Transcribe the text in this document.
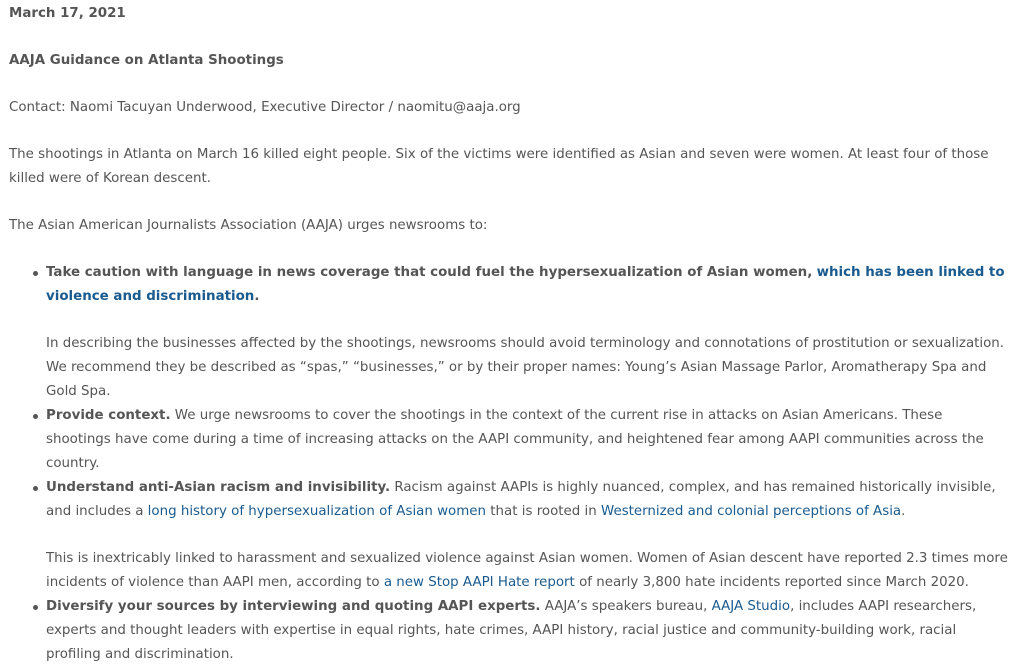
March 17, 2021

AAJA Guidance on Atlanta Shootings

Contact: Naomi Tacuyan Underwood, Executive Director / naomitu@aaja.org

The shootings in Atlanta on March 16 killed eight people. Six of the victims were identified as Asian and seven were women. At least four of those killed were of Korean descent.

The Asian American Journalists Association (AAJA) urges newsrooms to:

Take caution with language in news coverage that could fuel the hypersexualization of Asian women, which has been linked to violence and discrimination.

In describing the businesses affected by the shootings, newsrooms should avoid terminology and connotations of prostitution or sexualization. We recommend they be described as “spas,” “businesses,” or by their proper names: Young’s Asian Massage Parlor, Aromatherapy Spa and Gold Spa.

Provide context. We urge newsrooms to cover the shootings in the context of the current rise in attacks on Asian Americans. These shootings have come during a time of increasing attacks on the AAPI community, and heightened fear among AAPI communities across the country.

Understand anti-Asian racism and invisibility. Racism against AAPIs is highly nuanced, complex, and has remained historically invisible, and includes a long history of hypersexualization of Asian women that is rooted in Westernized and colonial perceptions of Asia.

This is inextricably linked to harassment and sexualized violence against Asian women. Women of Asian descent have reported 2.3 times more incidents of violence than AAPI men, according to a new Stop AAPI Hate report of nearly 3,800 hate incidents reported since March 2020.

Diversify your sources by interviewing and quoting AAPI experts. AAJA’s speakers bureau, AAJA Studio, includes AAPI researchers, experts and thought leaders with expertise in equal rights, hate crimes, AAPI history, racial justice and community-building work, racial profiling and discrimination.
